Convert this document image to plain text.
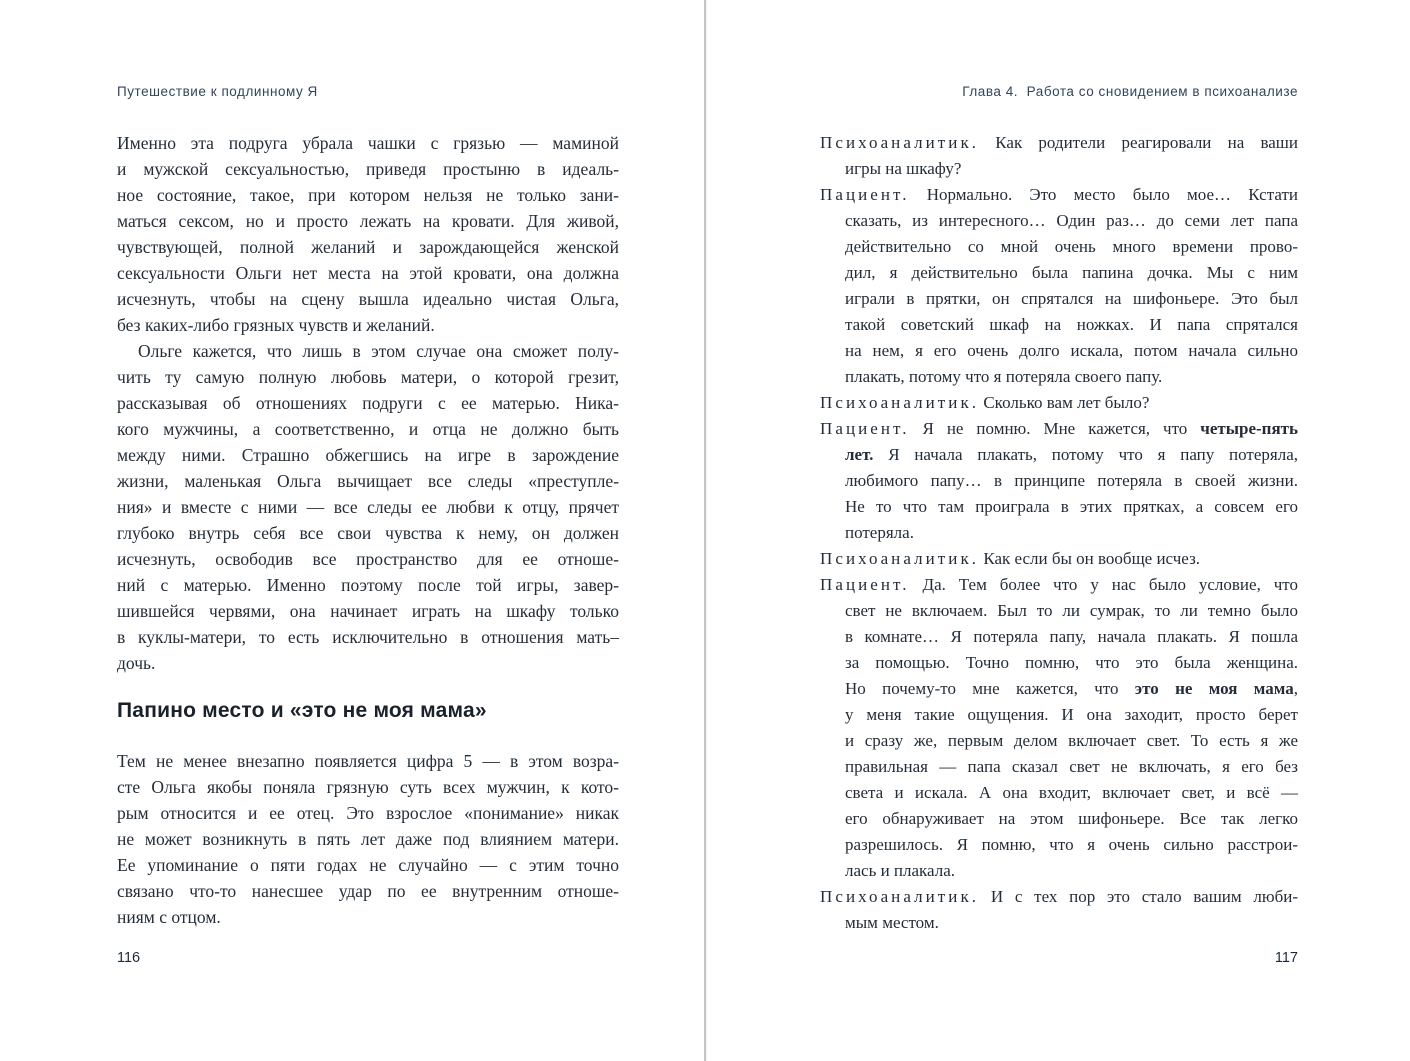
Путешествие к подлинному Я
Именно эта подруга убрала чашки с грязью — маминой
и мужской сексуальностью, приведя простыню в идеаль-
ное состояние, такое, при котором нельзя не только зани-
маться сексом, но и просто лежать на кровати. Для живой,
чувствующей, полной желаний и зарождающейся женской
сексуальности Ольги нет места на этой кровати, она должна
исчезнуть, чтобы на сцену вышла идеально чистая Ольга,
без каких-либо грязных чувств и желаний.
Ольге кажется, что лишь в этом случае она сможет полу-
чить ту самую полную любовь матери, о которой грезит,
рассказывая об отношениях подруги с ее матерью. Ника-
кого мужчины, а соответственно, и отца не должно быть
между ними. Страшно обжегшись на игре в зарождение
жизни, маленькая Ольга вычищает все следы «преступле-
ния» и вместе с ними — все следы ее любви к отцу, прячет
глубоко внутрь себя все свои чувства к нему, он должен
исчезнуть, освободив все пространство для ее отноше-
ний с матерью. Именно поэтому после той игры, завер-
шившейся червями, она начинает играть на шкафу только
в куклы-матери, то есть исключительно в отношения мать–
дочь.
Папино место и «это не моя мама»
Тем не менее внезапно появляется цифра 5 — в этом возра-
сте Ольга якобы поняла грязную суть всех мужчин, к кото-
рым относится и ее отец. Это взрослое «понимание» никак
не может возникнуть в пять лет даже под влиянием матери.
Ее упоминание о пяти годах не случайно — с этим точно
связано что-то нанесшее удар по ее внутренним отноше-
ниям с отцом.
116
Глава 4.  Работа со сновидением в психоанализе
Психоаналитик. Как родители реагировали на ваши
игры на шкафу?
Пациент. Нормально. Это место было мое… Кстати
сказать, из интересного… Один раз… до семи лет папа
действительно со мной очень много времени прово-
дил, я действительно была папина дочка. Мы с ним
играли в прятки, он спрятался на шифоньере. Это был
такой советский шкаф на ножках. И папа спрятался
на нем, я его очень долго искала, потом начала сильно
плакать, потому что я потеряла своего папу.
Психоаналитик. Сколько вам лет было?
Пациент. Я не помню. Мне кажется, что четыре-пять
лет. Я начала плакать, потому что я папу потеряла,
любимого папу… в принципе потеряла в своей жизни.
Не то что там проиграла в этих прятках, а совсем его
потеряла.
Психоаналитик. Как если бы он вообще исчез.
Пациент. Да. Тем более что у нас было условие, что
свет не включаем. Был то ли сумрак, то ли темно было
в комнате… Я потеряла папу, начала плакать. Я пошла
за помощью. Точно помню, что это была женщина.
Но почему-то мне кажется, что это не моя мама,
у меня такие ощущения. И она заходит, просто берет
и сразу же, первым делом включает свет. То есть я же
правильная — папа сказал свет не включать, я его без
света и искала. А она входит, включает свет, и всё —
его обнаруживает на этом шифоньере. Все так легко
разрешилось. Я помню, что я очень сильно расстрои-
лась и плакала.
Психоаналитик. И с тех пор это стало вашим люби-
мым местом.
117
